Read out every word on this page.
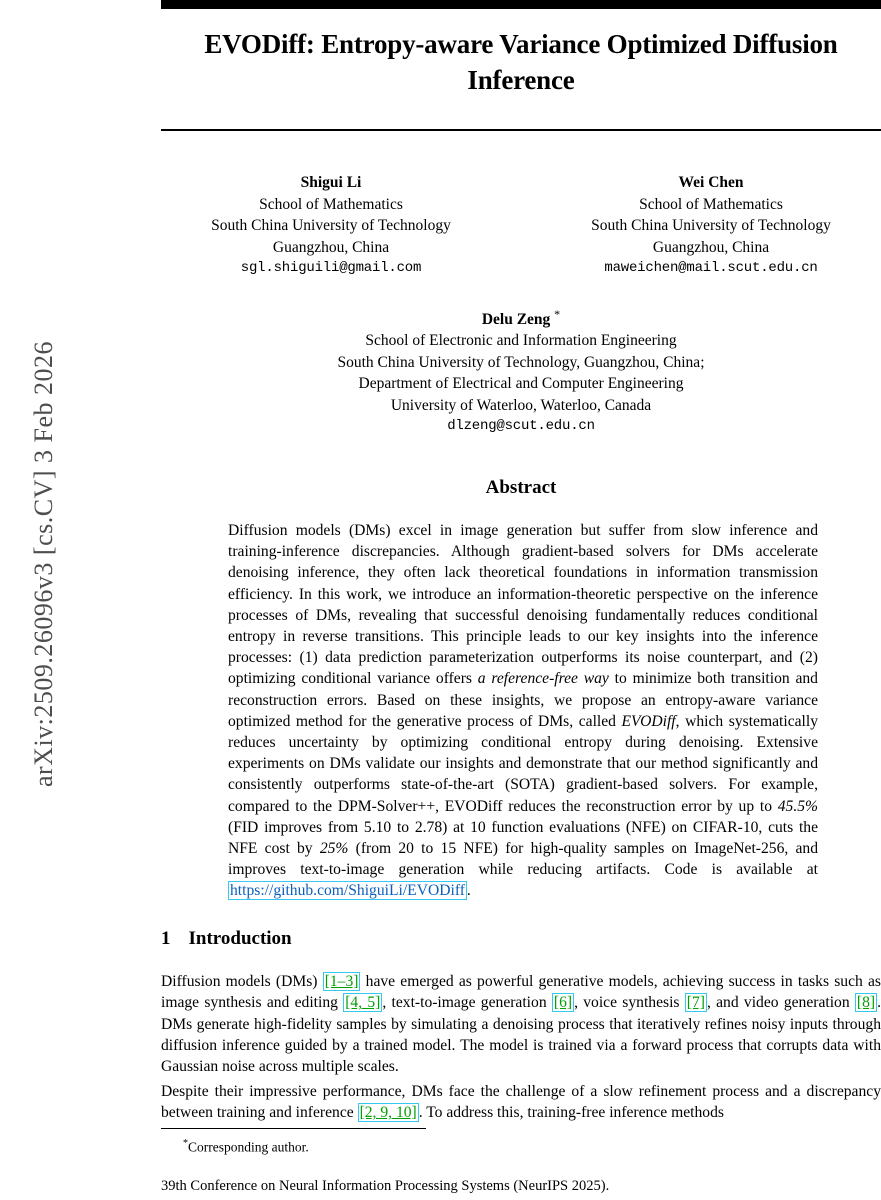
arXiv:2509.26096v3 [cs.CV] 3 Feb 2026
EVODiff: Entropy-aware Variance Optimized Diffusion Inference
Shigui Li
School of Mathematics
South China University of Technology
Guangzhou, China
sgl.shiguili@gmail.com
Wei Chen
School of Mathematics
South China University of Technology
Guangzhou, China
maweichen@mail.scut.edu.cn
Delu Zeng *
School of Electronic and Information Engineering
South China University of Technology, Guangzhou, China;
Department of Electrical and Computer Engineering
University of Waterloo, Waterloo, Canada
dlzeng@scut.edu.cn
Abstract
Diffusion models (DMs) excel in image generation but suffer from slow inference and training-inference discrepancies. Although gradient-based solvers for DMs accelerate denoising inference, they often lack theoretical foundations in information transmission efficiency. In this work, we introduce an information-theoretic perspective on the inference processes of DMs, revealing that successful denoising fundamentally reduces conditional entropy in reverse transitions. This principle leads to our key insights into the inference processes: (1) data prediction parameterization outperforms its noise counterpart, and (2) optimizing conditional variance offers a reference-free way to minimize both transition and reconstruction errors. Based on these insights, we propose an entropy-aware variance optimized method for the generative process of DMs, called EVODiff, which systematically reduces uncertainty by optimizing conditional entropy during denoising. Extensive experiments on DMs validate our insights and demonstrate that our method significantly and consistently outperforms state-of-the-art (SOTA) gradient-based solvers. For example, compared to the DPM-Solver++, EVODiff reduces the reconstruction error by up to 45.5% (FID improves from 5.10 to 2.78) at 10 function evaluations (NFE) on CIFAR-10, cuts the NFE cost by 25% (from 20 to 15 NFE) for high-quality samples on ImageNet-256, and improves text-to-image generation while reducing artifacts. Code is available at https://github.com/ShiguiLi/EVODiff .
1 Introduction
Diffusion models (DMs) [1–3] have emerged as powerful generative models, achieving success in tasks such as image synthesis and editing [4, 5] , text-to-image generation [6] , voice synthesis [7] , and video generation [8] . DMs generate high-fidelity samples by simulating a denoising process that iteratively refines noisy inputs through diffusion inference guided by a trained model. The model is trained via a forward process that corrupts data with Gaussian noise across multiple scales.
Despite their impressive performance, DMs face the challenge of a slow refinement process and a discrepancy between training and inference [2, 9, 10] . To address this, training-free inference methods
*Corresponding author.
39th Conference on Neural Information Processing Systems (NeurIPS 2025).
